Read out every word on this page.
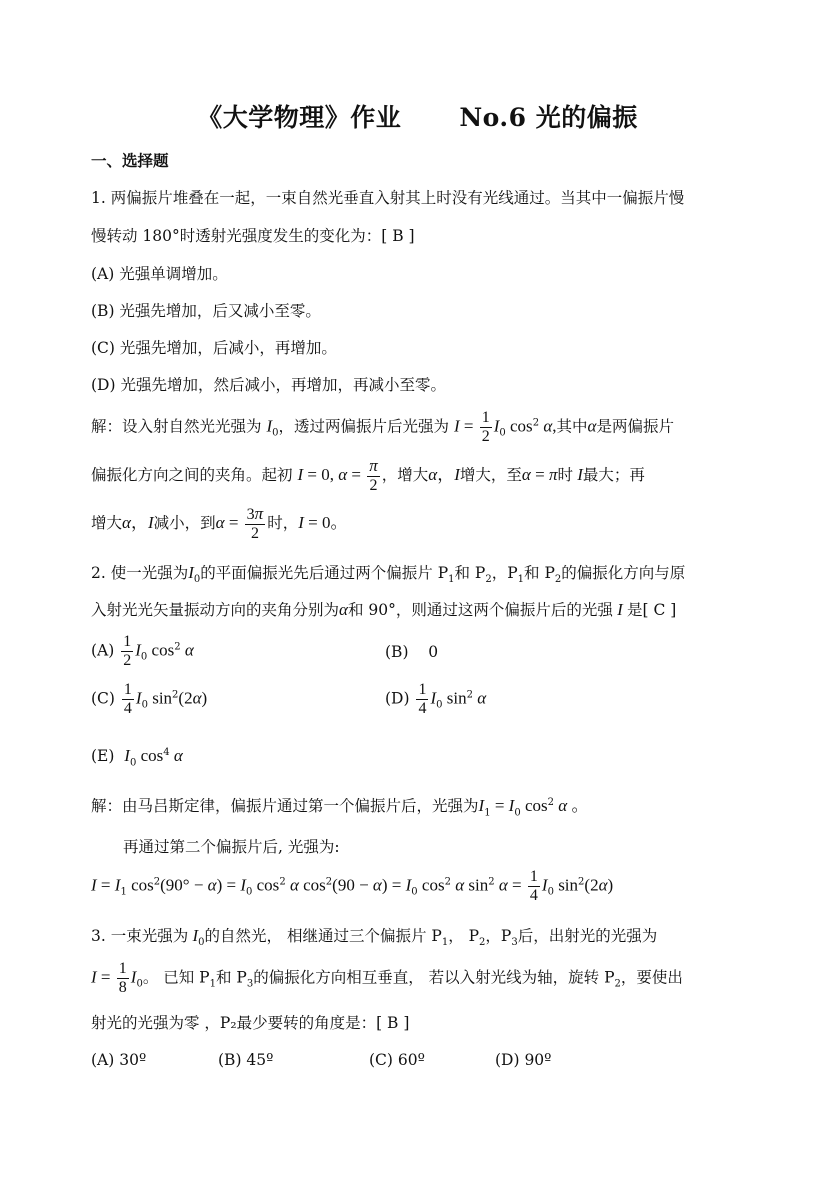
《大学物理》作业 No.6 光的偏振
一、选择题
1. 两偏振片堆叠在一起，一束自然光垂直入射其上时没有光线通过。当其中一偏振片慢
慢转动 180°时透射光强度发生的变化为：[ B ]
(A) 光强单调增加。
(B) 光强先增加，后又减小至零。
(C) 光强先增加，后减小，再增加。
(D) 光强先增加，然后减小，再增加，再减小至零。
解：设入射自然光光强为 $I_0$，透过两偏振片后光强为 $I = \frac{1}{2} I_0$ $\cos^2 \alpha$,其中α是两偏振片
偏振化方向之间的夹角。起初 I = 0, $\alpha = \frac{\pi}{2}$ ，增大α，I增大，至α = π时 I最大；再
增大α，I减小，到$\alpha = \frac{3\pi}{2}$ 时，I = 0。
2. 使一光强为$I_0$的平面偏振光先后通过两个偏振片 $P_1$和 $P_2$，$P_1$和 $P_2$的偏振化方向与原
入射光光矢量振动方向的夹角分别为α和 90°，则通过这两个偏振片后的光强 I 是[ C ]
$(A) \frac{1}{2} I_0$ $\cos^2 \alpha$	(B) 0
$(C) \frac{1}{4} I_0$ $\sin^2(2\alpha)$	$(D) \frac{1}{4} I_0$ $\sin^2 \alpha$
(E) $I_0$ $\cos^4 \alpha$
解：由马吕斯定律，偏振片通过第一个偏振片后，光强为$I_1 = I_0$ $\cos^2 \alpha$ 。
再通过第二个偏振片后, 光强为:
$I = I_1$ $\cos^2(90^\circ - \alpha) = I_0$ $\cos^2 \alpha$ $\cos^2(90 - \alpha) = I_0$ $\cos^2 \alpha$ $\sin^2 \alpha = \frac{1}{4} I_0$ $\sin^2(2\alpha)$
3. 一束光强为 $I_0$的自然光， 相继通过三个偏振片 $P_1$， $P_2$，$P_3$后，出射光的光强为
$I = \frac{1}{8} I_0$。 已知 $P_1$和 $P_3$的偏振化方向相互垂直， 若以入射光线为轴，旋转 $P_2$，要使出
射光的光强为零 ，P₂最少要转的角度是：[ B ]
(A) 30º	(B) 45º	(C) 60º	(D) 90º
